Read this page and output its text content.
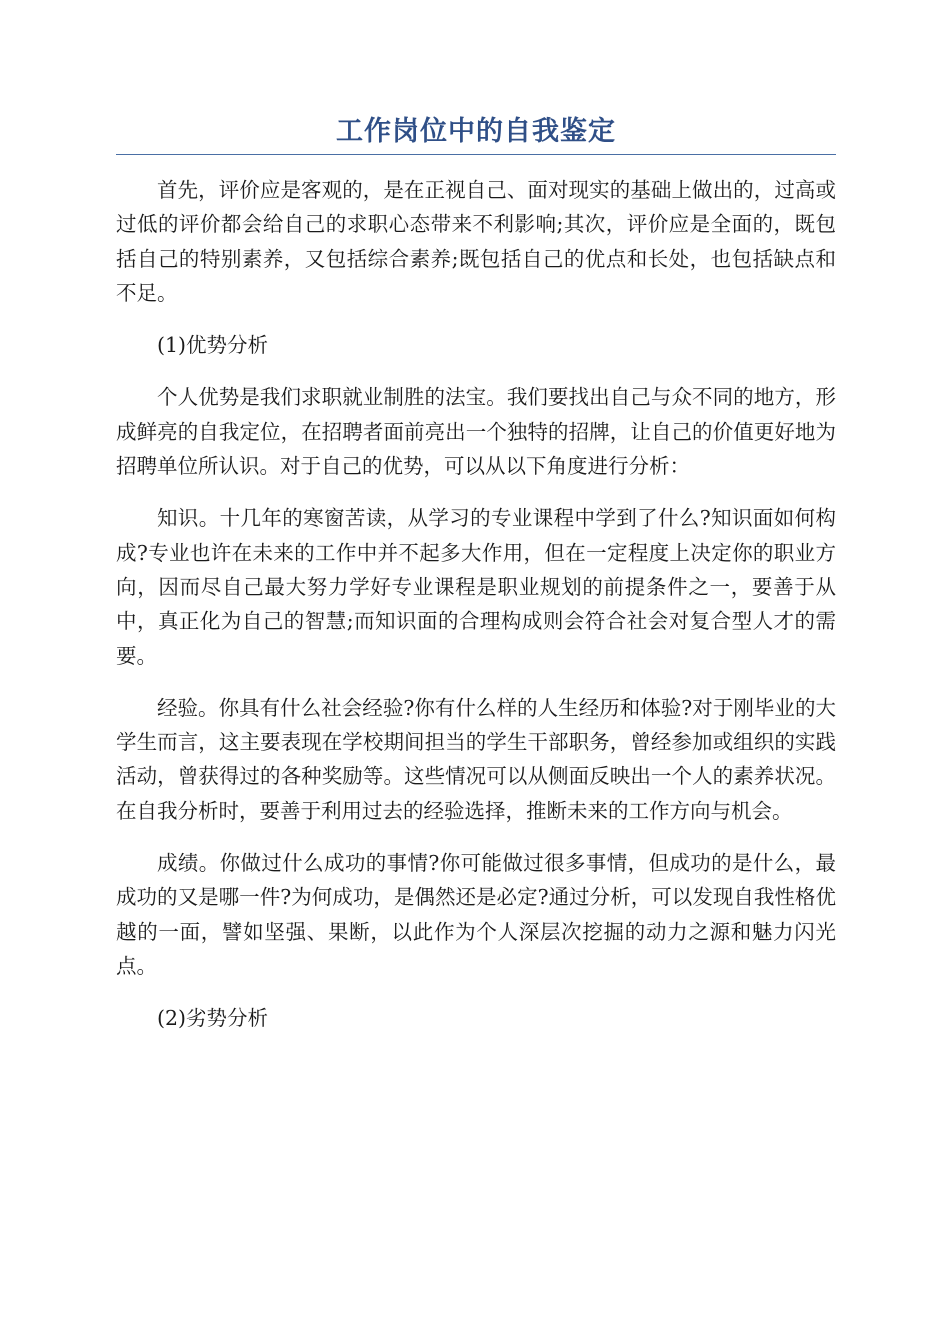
工作岗位中的自我鉴定

首先，评价应是客观的，是在正视自己、面对现实的基础上做出的，过高或过低的评价都会给自己的求职心态带来不利影响;其次，评价应是全面的，既包括自己的特别素养，又包括综合素养;既包括自己的优点和长处，也包括缺点和不足。

(1)优势分析

个人优势是我们求职就业制胜的法宝。我们要找出自己与众不同的地方，形成鲜亮的自我定位，在招聘者面前亮出一个独特的招牌，让自己的价值更好地为招聘单位所认识。对于自己的优势，可以从以下角度进行分析：

知识。十几年的寒窗苦读，从学习的专业课程中学到了什么?知识面如何构成?专业也许在未来的工作中并不起多大作用，但在一定程度上决定你的职业方向，因而尽自己最大努力学好专业课程是职业规划的前提条件之一，要善于从中，真正化为自己的智慧;而知识面的合理构成则会符合社会对复合型人才的需要。

经验。你具有什么社会经验?你有什么样的人生经历和体验?对于刚毕业的大学生而言，这主要表现在学校期间担当的学生干部职务，曾经参加或组织的实践活动，曾获得过的各种奖励等。这些情况可以从侧面反映出一个人的素养状况。在自我分析时，要善于利用过去的经验选择，推断未来的工作方向与机会。

成绩。你做过什么成功的事情?你可能做过很多事情，但成功的是什么，最成功的又是哪一件?为何成功，是偶然还是必定?通过分析，可以发现自我性格优越的一面，譬如坚强、果断，以此作为个人深层次挖掘的动力之源和魅力闪光点。

(2)劣势分析
